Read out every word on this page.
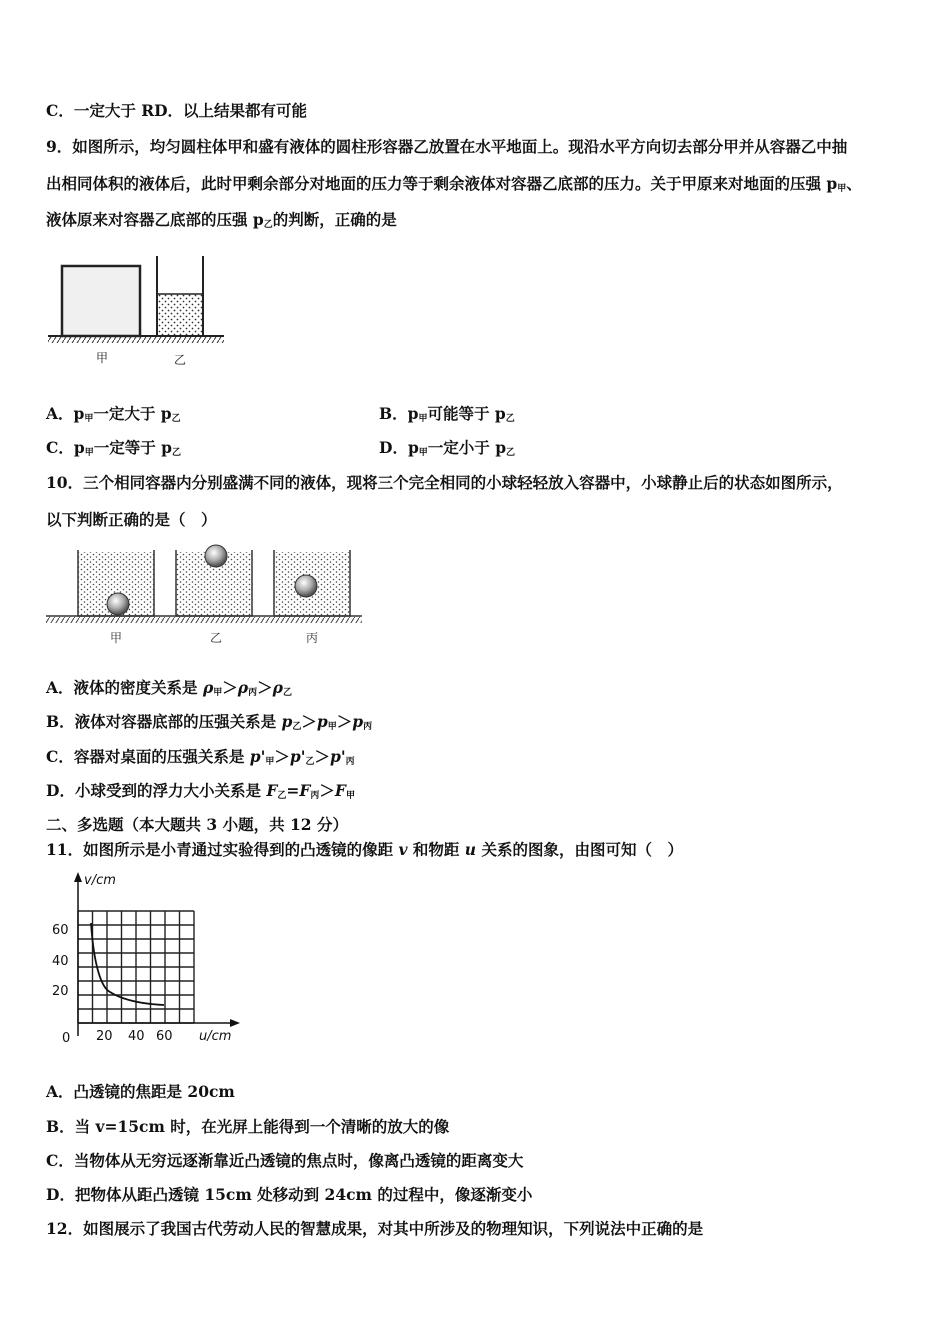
C．一定大于 RD．以上结果都有可能
9．如图所示，均匀圆柱体甲和盛有液体的圆柱形容器乙放置在水平地面上。现沿水平方向切去部分甲并从容器乙中抽
出相同体积的液体后，此时甲剩余部分对地面的压力等于剩余液体对容器乙底部的压力。关于甲原来对地面的压强 $p_甲$、
液体原来对容器乙底部的压强 $p_乙$的判断，正确的是
甲	乙
A．$p_甲$一定大于 $p_乙$	B．$p_甲$可能等于 $p_乙$
C．$p_甲$一定等于 $p_乙$	D．$p_甲$一定小于 $p_乙$
10．三个相同容器内分别盛满不同的液体，现将三个完全相同的小球轻轻放入容器中，小球静止后的状态如图所示，
以下判断正确的是（　）
甲	乙	丙
A．液体的密度关系是 $\rho_甲>\rho_丙>\rho_乙$
B．液体对容器底部的压强关系是 $p_乙>p_甲>p_丙$
C．容器对桌面的压强关系是 $p'_甲>p'_乙>p'_丙$
D．小球受到的浮力大小关系是 $F_乙=F_丙>F_甲$
二、多选题（本大题共 3 小题，共 12 分）
11．如图所示是小青通过实验得到的凸透镜的像距 v 和物距 u 关系的图象，由图可知（　）
v/cm
u/cm
0
60
40
20
20 40 60
A．凸透镜的焦距是 20cm
B．当 v=15cm 时，在光屏上能得到一个清晰的放大的像
C．当物体从无穷远逐渐靠近凸透镜的焦点时，像离凸透镜的距离变大
D．把物体从距凸透镜 15cm 处移动到 24cm 的过程中，像逐渐变小
12．如图展示了我国古代劳动人民的智慧成果，对其中所涉及的物理知识，下列说法中正确的是
